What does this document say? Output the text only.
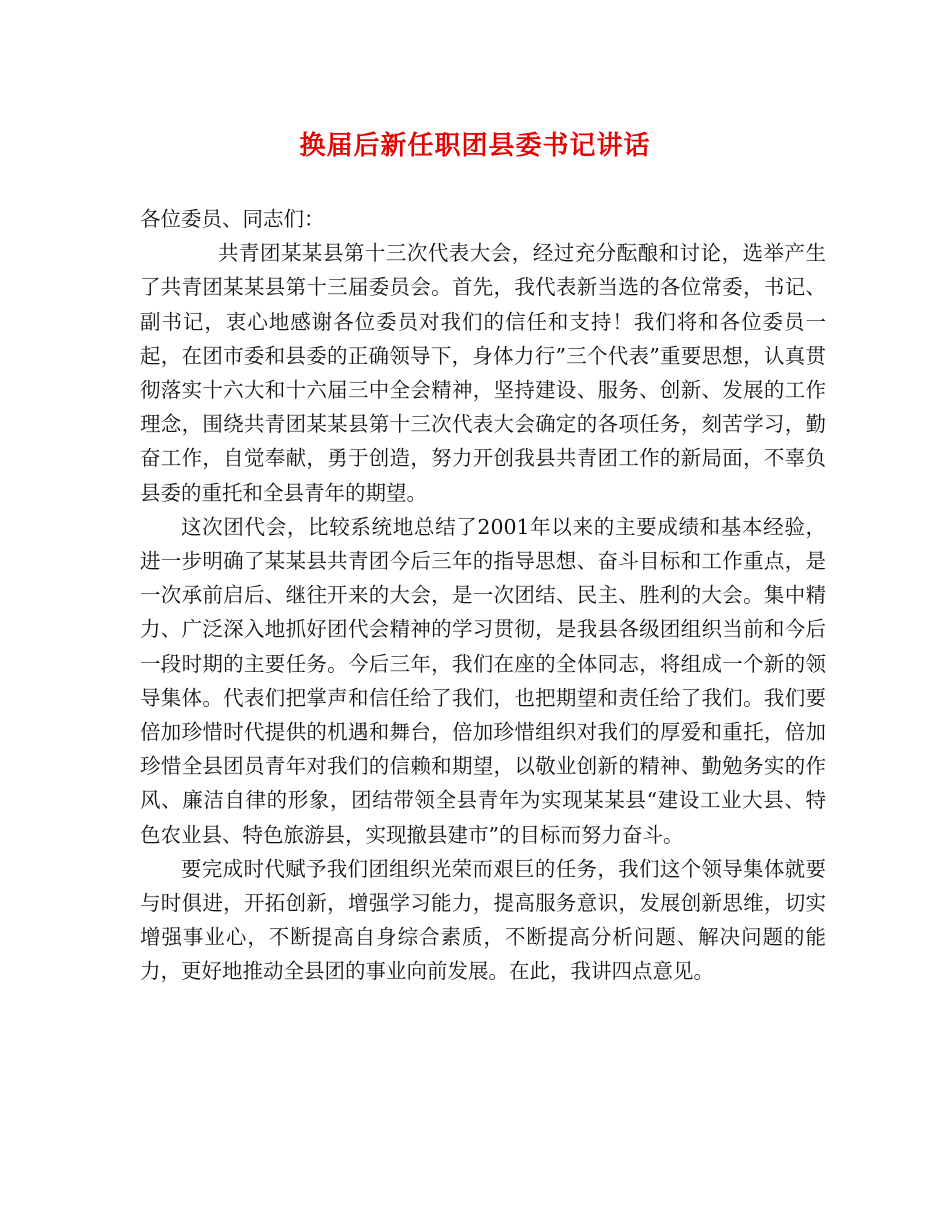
换届后新任职团县委书记讲话

各位委员、同志们：

共青团某某县第十三次代表大会，经过充分酝酿和讨论，选举产生了共青团某某县第十三届委员会。首先，我代表新当选的各位常委，书记、副书记，衷心地感谢各位委员对我们的信任和支持！我们将和各位委员一起，在团市委和县委的正确领导下，身体力行”三个代表”重要思想，认真贯彻落实十六大和十六届三中全会精神，坚持建设、服务、创新、发展的工作理念，围绕共青团某某县第十三次代表大会确定的各项任务，刻苦学习，勤奋工作，自觉奉献，勇于创造，努力开创我县共青团工作的新局面，不辜负县委的重托和全县青年的期望。

这次团代会，比较系统地总结了2001年以来的主要成绩和基本经验，进一步明确了某某县共青团今后三年的指导思想、奋斗目标和工作重点，是一次承前启后、继往开来的大会，是一次团结、民主、胜利的大会。集中精力、广泛深入地抓好团代会精神的学习贯彻，是我县各级团组织当前和今后一段时期的主要任务。今后三年，我们在座的全体同志，将组成一个新的领导集体。代表们把掌声和信任给了我们，也把期望和责任给了我们。我们要倍加珍惜时代提供的机遇和舞台，倍加珍惜组织对我们的厚爱和重托，倍加珍惜全县团员青年对我们的信赖和期望，以敬业创新的精神、勤勉务实的作风、廉洁自律的形象，团结带领全县青年为实现某某县“建设工业大县、特色农业县、特色旅游县，实现撤县建市”的目标而努力奋斗。

要完成时代赋予我们团组织光荣而艰巨的任务，我们这个领导集体就要与时俱进，开拓创新，增强学习能力，提高服务意识，发展创新思维，切实增强事业心，不断提高自身综合素质，不断提高分析问题、解决问题的能力，更好地推动全县团的事业向前发展。在此，我讲四点意见。
